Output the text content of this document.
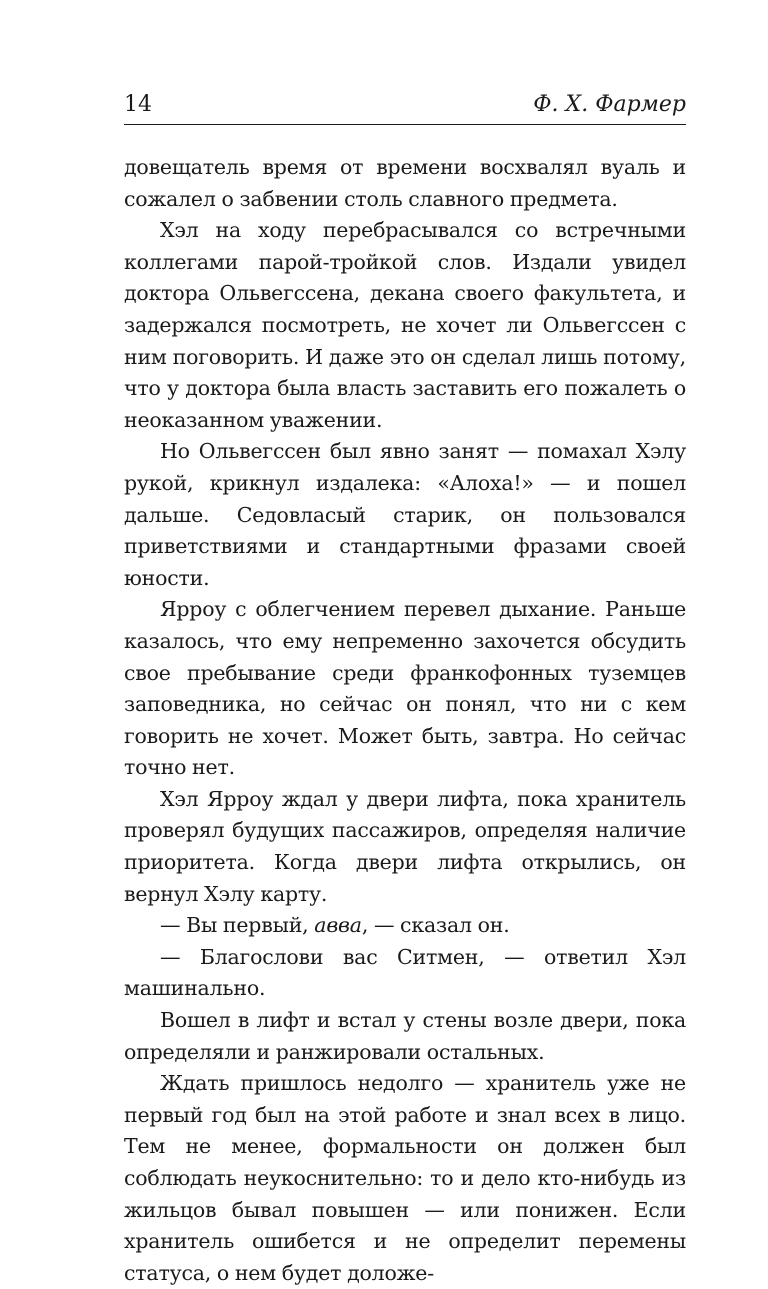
14	Ф. Х. Фармер

довещатель время от времени восхвалял вуаль и сожалел о забвении столь славного предмета.

Хэл на ходу перебрасывался со встречными коллегами парой-тройкой слов. Издали увидел доктора Ольвегссена, декана своего факультета, и задержался посмотреть, не хочет ли Ольвегссен с ним поговорить. И даже это он сделал лишь потому, что у доктора была власть заставить его пожалеть о неоказанном уважении.

Но Ольвегссен был явно занят — помахал Хэлу рукой, крикнул издалека: «Алоха!» — и пошел дальше. Седовласый старик, он пользовался приветствиями и стандартными фразами своей юности.

Ярроу с облегчением перевел дыхание. Раньше казалось, что ему непременно захочется обсудить свое пребывание среди франкофонных туземцев заповедника, но сейчас он понял, что ни с кем говорить не хочет. Может быть, завтра. Но сейчас точно нет.

Хэл Ярроу ждал у двери лифта, пока хранитель проверял будущих пассажиров, определяя наличие приоритета. Когда двери лифта открылись, он вернул Хэлу карту.

— Вы первый, авва, — сказал он.

— Благослови вас Ситмен, — ответил Хэл машинально.

Вошел в лифт и встал у стены возле двери, пока определяли и ранжировали остальных.

Ждать пришлось недолго — хранитель уже не первый год был на этой работе и знал всех в лицо. Тем не менее, формальности он должен был соблюдать неукоснительно: то и дело кто-нибудь из жильцов бывал повышен — или понижен. Если хранитель ошибется и не определит перемены статуса, о нем будет доложе-
